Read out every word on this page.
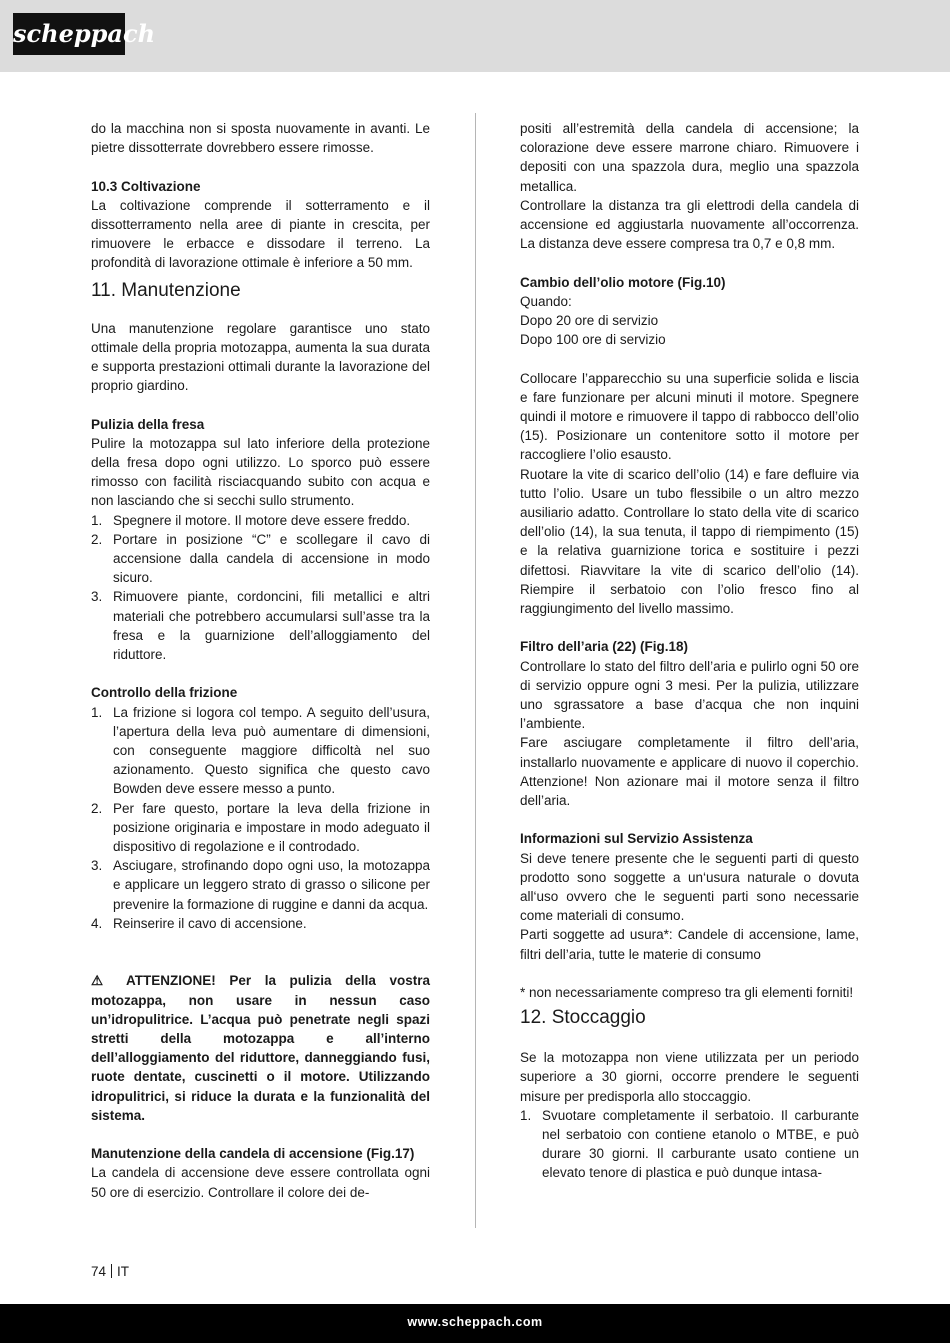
scheppach

do la macchina non si sposta nuovamente in avanti. Le pietre dissotterrate dovrebbero essere rimosse.

10.3 Coltivazione

La coltivazione comprende il sotterramento e il dissotterramento nella aree di piante in crescita, per rimuovere le erbacce e dissodare il terreno. La profondità di lavorazione ottimale è inferiore a 50 mm.

11. Manutenzione

Una manutenzione regolare garantisce uno stato ottimale della propria motozappa, aumenta la sua durata e supporta prestazioni ottimali durante la lavorazione del proprio giardino.

Pulizia della fresa

Pulire la motozappa sul lato inferiore della protezione della fresa dopo ogni utilizzo. Lo sporco può essere rimosso con facilità risciacquando subito con acqua e non lasciando che si secchi sullo strumento.

1. Spegnere il motore. Il motore deve essere freddo.
2. Portare in posizione “C” e scollegare il cavo di accensione dalla candela di accensione in modo sicuro.
3. Rimuovere piante, cordoncini, fili metallici e altri materiali che potrebbero accumularsi sull’asse tra la fresa e la guarnizione dell’alloggiamento del riduttore.

Controllo della frizione

1. La frizione si logora col tempo. A seguito dell’usura, l’apertura della leva può aumentare di dimensioni, con conseguente maggiore difficoltà nel suo azionamento. Questo significa che questo cavo Bowden deve essere messo a punto.
2. Per fare questo, portare la leva della frizione in posizione originaria e impostare in modo adeguato il dispositivo di regolazione e il controdado.
3. Asciugare, strofinando dopo ogni uso, la motozappa e applicare un leggero strato di grasso o silicone per prevenire la formazione di ruggine e danni da acqua.
4. Reinserire il cavo di accensione.

⚠ ATTENZIONE! Per la pulizia della vostra motozappa, non usare in nessun caso un’idropulitrice. L’acqua può penetrate negli spazi stretti della motozappa e all’interno dell’alloggiamento del riduttore, danneggiando fusi, ruote dentate, cuscinetti o il motore. Utilizzando idropulitrici, si riduce la durata e la funzionalità del sistema.

Manutenzione della candela di accensione (Fig.17)

La candela di accensione deve essere controllata ogni 50 ore di esercizio. Controllare il colore dei de-

positi all’estremità della candela di accensione; la colorazione deve essere marrone chiaro. Rimuovere i depositi con una spazzola dura, meglio una spazzola metallica.

Controllare la distanza tra gli elettrodi della candela di accensione ed aggiustarla nuovamente all’occorrenza. La distanza deve essere compresa tra 0,7 e 0,8 mm.

Cambio dell’olio motore (Fig.10)

Quando:

Dopo 20 ore di servizio

Dopo 100 ore di servizio

Collocare l’apparecchio su una superficie solida e liscia e fare funzionare per alcuni minuti il motore. Spegnere quindi il motore e rimuovere il tappo di rabbocco dell’olio (15). Posizionare un contenitore sotto il motore per raccogliere l’olio esausto.

Ruotare la vite di scarico dell’olio (14) e fare defluire via tutto l’olio. Usare un tubo flessibile o un altro mezzo ausiliario adatto. Controllare lo stato della vite di scarico dell’olio (14), la sua tenuta, il tappo di riempimento (15) e la relativa guarnizione torica e sostituire i pezzi difettosi. Riavvitare la vite di scarico dell’olio (14). Riempire il serbatoio con l’olio fresco fino al raggiungimento del livello massimo.

Filtro dell’aria (22) (Fig.18)

Controllare lo stato del filtro dell’aria e pulirlo ogni 50 ore di servizio oppure ogni 3 mesi. Per la pulizia, utilizzare uno sgrassatore a base d’acqua che non inquini l’ambiente.

Fare asciugare completamente il filtro dell’aria, installarlo nuovamente e applicare di nuovo il coperchio. Attenzione! Non azionare mai il motore senza il filtro dell’aria.

Informazioni sul Servizio Assistenza

Si deve tenere presente che le seguenti parti di questo prodotto sono soggette a un‘usura naturale o dovuta all‘uso ovvero che le seguenti parti sono necessarie come materiali di consumo.

Parti soggette ad usura*: Candele di accensione, lame, filtri dell’aria, tutte le materie di consumo

* non necessariamente compreso tra gli elementi forniti!

12. Stoccaggio

Se la motozappa non viene utilizzata per un periodo superiore a 30 giorni, occorre prendere le seguenti misure per predisporla allo stoccaggio.

1. Svuotare completamente il serbatoio. Il carburante nel serbatoio con contiene etanolo o MTBE, e può durare 30 giorni. Il carburante usato contiene un elevato tenore di plastica e può dunque intasa-
74 IT
www.scheppach.com
